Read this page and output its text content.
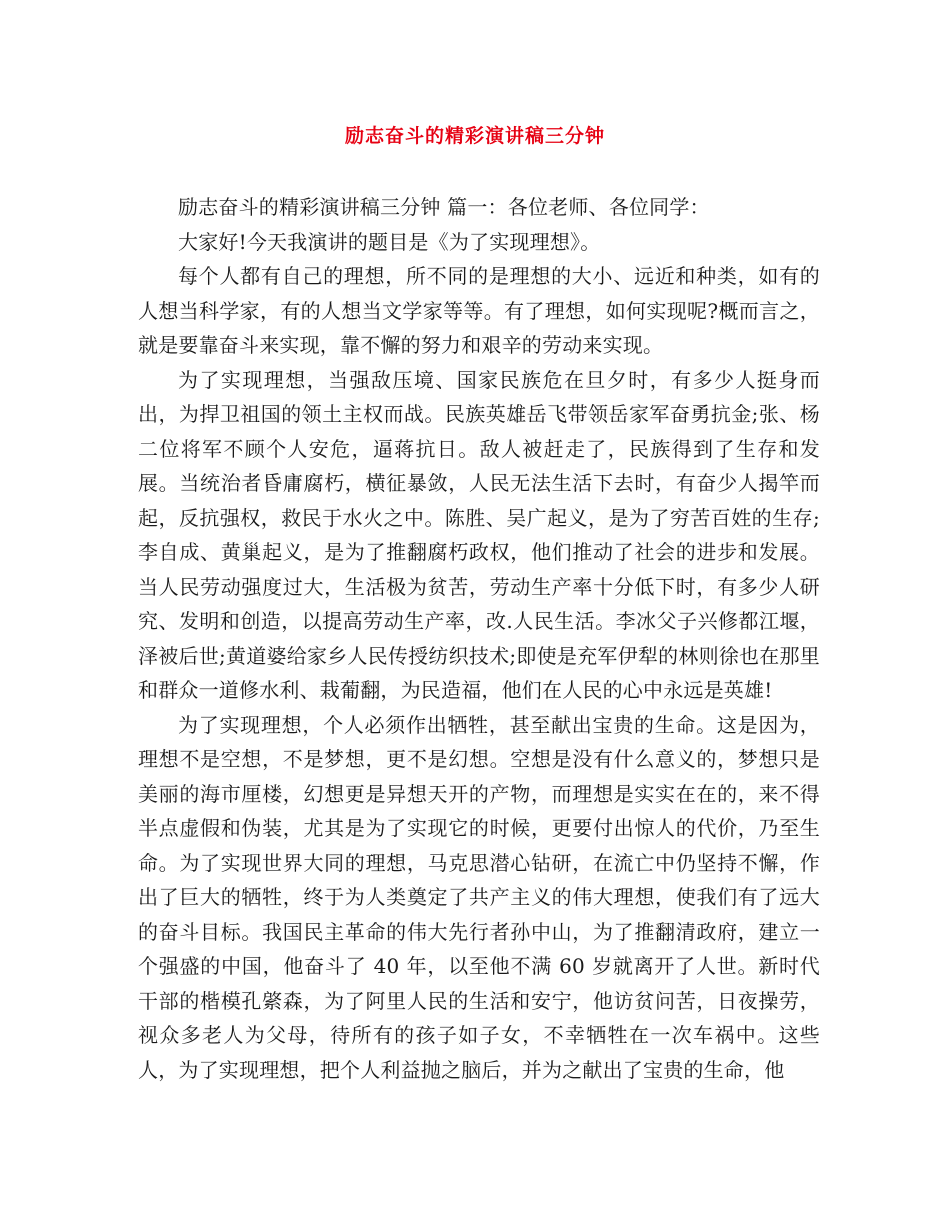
励志奋斗的精彩演讲稿三分钟

励志奋斗的精彩演讲稿三分钟 篇一：各位老师、各位同学：

大家好!今天我演讲的题目是《为了实现理想》。

每个人都有自己的理想，所不同的是理想的大小、远近和种类，如有的人想当科学家，有的人想当文学家等等。有了理想，如何实现呢?概而言之，就是要靠奋斗来实现，靠不懈的努力和艰辛的劳动来实现。

为了实现理想，当强敌压境、国家民族危在旦夕时，有多少人挺身而出，为捍卫祖国的领土主权而战。民族英雄岳飞带领岳家军奋勇抗金;张、杨二位将军不顾个人安危，逼蒋抗日。敌人被赶走了，民族得到了生存和发展。当统治者昏庸腐朽，横征暴敛，人民无法生活下去时，有奋少人揭竿而起，反抗强权，救民于水火之中。陈胜、吴广起义，是为了穷苦百姓的生存;李自成、黄巢起义，是为了推翻腐朽政权，他们推动了社会的进步和发展。当人民劳动强度过大，生活极为贫苦，劳动生产率十分低下时，有多少人研究、发明和创造，以提高劳动生产率，改.人民生活。李冰父子兴修都江堰，泽被后世;黄道婆给家乡人民传授纺织技术;即使是充军伊犁的林则徐也在那里和群众一道修水利、栽葡翻，为民造福，他们在人民的心中永远是英雄!

为了实现理想，个人必须作出牺牲，甚至献出宝贵的生命。这是因为，理想不是空想，不是梦想，更不是幻想。空想是没有什么意义的，梦想只是美丽的海市厘楼，幻想更是异想天开的产物，而理想是实实在在的，来不得半点虚假和伪装，尤其是为了实现它的时候，更要付出惊人的代价，乃至生命。为了实现世界大同的理想，马克思潜心钻研，在流亡中仍坚持不懈，作出了巨大的牺牲，终于为人类奠定了共产主义的伟大理想，使我们有了远大的奋斗目标。我国民主革命的伟大先行者孙中山，为了推翻清政府，建立一个强盛的中国，他奋斗了 40 年，以至他不满 60 岁就离开了人世。新时代干部的楷模孔綮森，为了阿里人民的生活和安宁，他访贫问苦，日夜操劳，视众多老人为父母，待所有的孩子如子女，不幸牺牲在一次车祸中。这些人，为了实现理想，把个人利益抛之脑后，并为之献出了宝贵的生命，他
